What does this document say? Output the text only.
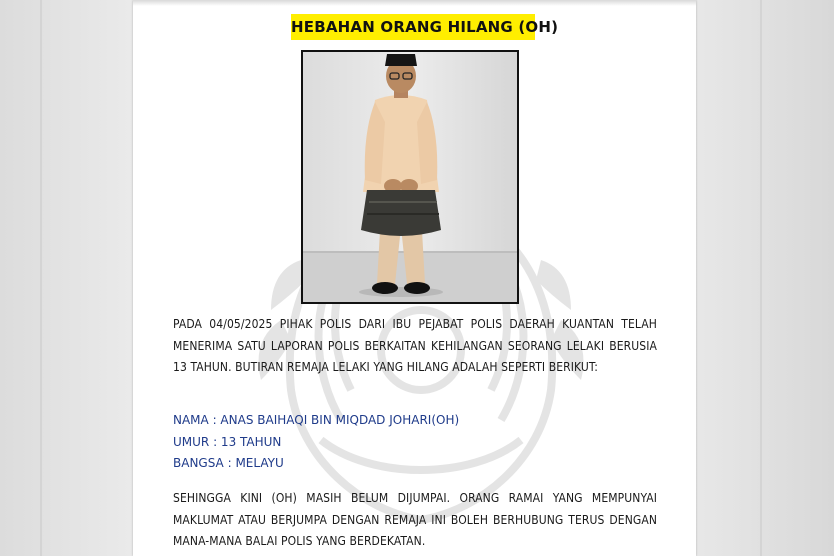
HEBAHAN ORANG HILANG (OH)
PADA 04/05/2025 PIHAK POLIS DARI IBU PEJABAT POLIS DAERAH KUANTAN TELAH MENERIMA SATU LAPORAN POLIS BERKAITAN KEHILANGAN SEORANG LELAKI BERUSIA 13 TAHUN. BUTIRAN REMAJA LELAKI YANG HILANG ADALAH SEPERTI BERIKUT:
NAMA : ANAS BAIHAQI BIN MIQDAD JOHARI(OH)
UMUR : 13 TAHUN
BANGSA : MELAYU
SEHINGGA KINI (OH) MASIH BELUM DIJUMPAI. ORANG RAMAI YANG MEMPUNYAI MAKLUMAT ATAU BERJUMPA DENGAN REMAJA INI BOLEH BERHUBUNG TERUS DENGAN MANA-MANA BALAI POLIS YANG BERDEKATAN.
